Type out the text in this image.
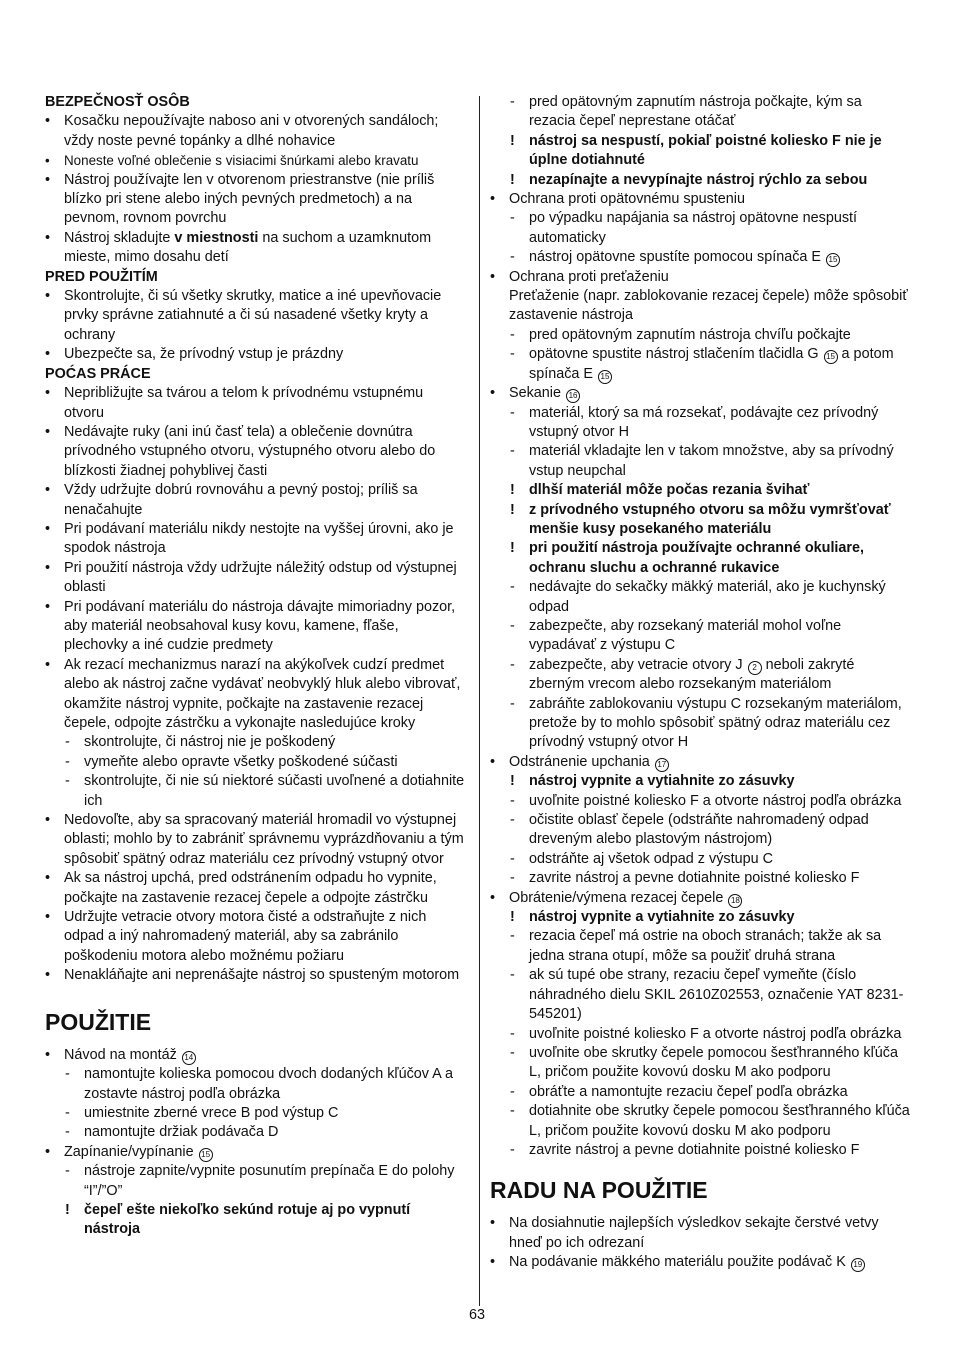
BEZPEČNOSŤ OSÔB
• Kosačku nepoužívajte naboso ani v otvorených sandáloch; vždy noste pevné topánky a dlhé nohavice
• Noneste voľné oblečenie s visiacimi šnúrkami alebo kravatu
• Nástroj používajte len v otvorenom priestranstve (nie príliš blízko pri stene alebo iných pevných predmetoch) a na pevnom, rovnom povrchu
• Nástroj skladujte v miestnosti na suchom a uzamknutom mieste, mimo dosahu detí
PRED POUŽITÍM
• Skontrolujte, či sú všetky skrutky, matice a iné upevňovacie prvky správne zatiahnuté a či sú nasadené všetky kryty a ochrany
• Ubezpečte sa, že prívodný vstup je prázdny
POĆAS PRÁCE
• Nepribližujte sa tvárou a telom k prívodnému vstupnému otvoru
• Nedávajte ruky (ani inú časť tela) a oblečenie dovnútra prívodného vstupného otvoru, výstupného otvoru alebo do blízkosti žiadnej pohyblivej časti
• Vždy udržujte dobrú rovnováhu a pevný postoj; príliš sa nenačahujte
• Pri podávaní materiálu nikdy nestojte na vyššej úrovni, ako je spodok nástroja
• Pri použití nástroja vždy udržujte náležitý odstup od výstupnej oblasti
• Pri podávaní materiálu do nástroja dávajte mimoriadny pozor, aby materiál neobsahoval kusy kovu, kamene, fľaše, plechovky a iné cudzie predmety
• Ak rezací mechanizmus narazí na akýkoľvek cudzí predmet alebo ak nástroj začne vydávať neobvyklý hluk alebo vibrovať, okamžite nástroj vypnite, počkajte na zastavenie rezacej čepele, odpojte zástrčku a vykonajte nasledujúce kroky
- skontrolujte, či nástroj nie je poškodený
- vymeňte alebo opravte všetky poškodené súčasti
- skontrolujte, či nie sú niektoré súčasti uvoľnené a dotiahnite ich
• Nedovoľte, aby sa spracovaný materiál hromadil vo výstupnej oblasti; mohlo by to zabrániť správnemu vyprázdňovaniu a tým spôsobiť spätný odraz materiálu cez prívodný vstupný otvor
• Ak sa nástroj upchá, pred odstránením odpadu ho vypnite, počkajte na zastavenie rezacej čepele a odpojte zástrčku
• Udržujte vetracie otvory motora čisté a odstraňujte z nich odpad a iný nahromadený materiál, aby sa zabránilo poškodeniu motora alebo možnému požiaru
• Nenakláňajte ani neprenášajte nástroj so spusteným motorom
POUŽITIE
• Návod na montáž 14
- namontujte kolieska pomocou dvoch dodaných kľúčov A a zostavte nástroj podľa obrázka
- umiestnite zberné vrece B pod výstup C
- namontujte držiak podávača D
• Zapínanie/vypínanie 15
- nástroje zapnite/vypnite posunutím prepínača E do polohy “I”/”O”
! čepeľ ešte niekoľko sekúnd rotuje aj po vypnutí nástroja
- pred opätovným zapnutím nástroja počkajte, kým sa rezacia čepeľ neprestane otáčať
! nástroj sa nespustí, pokiaľ poistné koliesko F nie je úplne dotiahnuté
! nezapínajte a nevypínajte nástroj rýchlo za sebou
• Ochrana proti opätovnému spusteniu
- po výpadku napájania sa nástroj opätovne nespustí automaticky
- nástroj opätovne spustíte pomocou spínača E 15
• Ochrana proti preťaženiu
Preťaženie (napr. zablokovanie rezacej čepele) môže spôsobiť zastavenie nástroja
- pred opätovným zapnutím nástroja chvíľu počkajte
- opätovne spustite nástroj stlačením tlačidla G 15 a potom spínača E 15
• Sekanie 16
- materiál, ktorý sa má rozsekať, podávajte cez prívodný vstupný otvor H
- materiál vkladajte len v takom množstve, aby sa prívodný vstup neupchal
! dlhší materiál môže počas rezania švihať
! z prívodného vstupného otvoru sa môžu vymršťovať menšie kusy posekaného materiálu
! pri použití nástroja používajte ochranné okuliare, ochranu sluchu a ochranné rukavice
- nedávajte do sekačky mäkký materiál, ako je kuchynský odpad
- zabezpečte, aby rozsekaný materiál mohol voľne vypadávať z výstupu C
- zabezpečte, aby vetracie otvory J 2 neboli zakryté zberným vrecom alebo rozsekaným materiálom
- zabráňte zablokovaniu výstupu C rozsekaným materiálom, pretože by to mohlo spôsobiť spätný odraz materiálu cez prívodný vstupný otvor H
• Odstránenie upchania 17
! nástroj vypnite a vytiahnite zo zásuvky
- uvoľnite poistné koliesko F a otvorte nástroj podľa obrázka
- očistite oblasť čepele (odstráňte nahromadený odpad dreveným alebo plastovým nástrojom)
- odstráňte aj všetok odpad z výstupu C
- zavrite nástroj a pevne dotiahnite poistné koliesko F
• Obrátenie/výmena rezacej čepele 18
! nástroj vypnite a vytiahnite zo zásuvky
- rezacia čepeľ má ostrie na oboch stranách; takže ak sa jedna strana otupí, môže sa použiť druhá strana
- ak sú tupé obe strany, rezaciu čepeľ vymeňte (číslo náhradného dielu SKIL 2610Z02553, označenie YAT 8231-545201)
- uvoľnite poistné koliesko F a otvorte nástroj podľa obrázka
- uvoľnite obe skrutky čepele pomocou šesťhranného kľúča L, pričom použite kovovú dosku M ako podporu
- obráťte a namontujte rezaciu čepeľ podľa obrázka
- dotiahnite obe skrutky čepele pomocou šesťhranného kľúča L, pričom použite kovovú dosku M ako podporu
- zavrite nástroj a pevne dotiahnite poistné koliesko F
RADU NA POUŽITIE
• Na dosiahnutie najlepších výsledkov sekajte čerstvé vetvy hneď po ich odrezaní
• Na podávanie mäkkého materiálu použite podávač K 19
63
